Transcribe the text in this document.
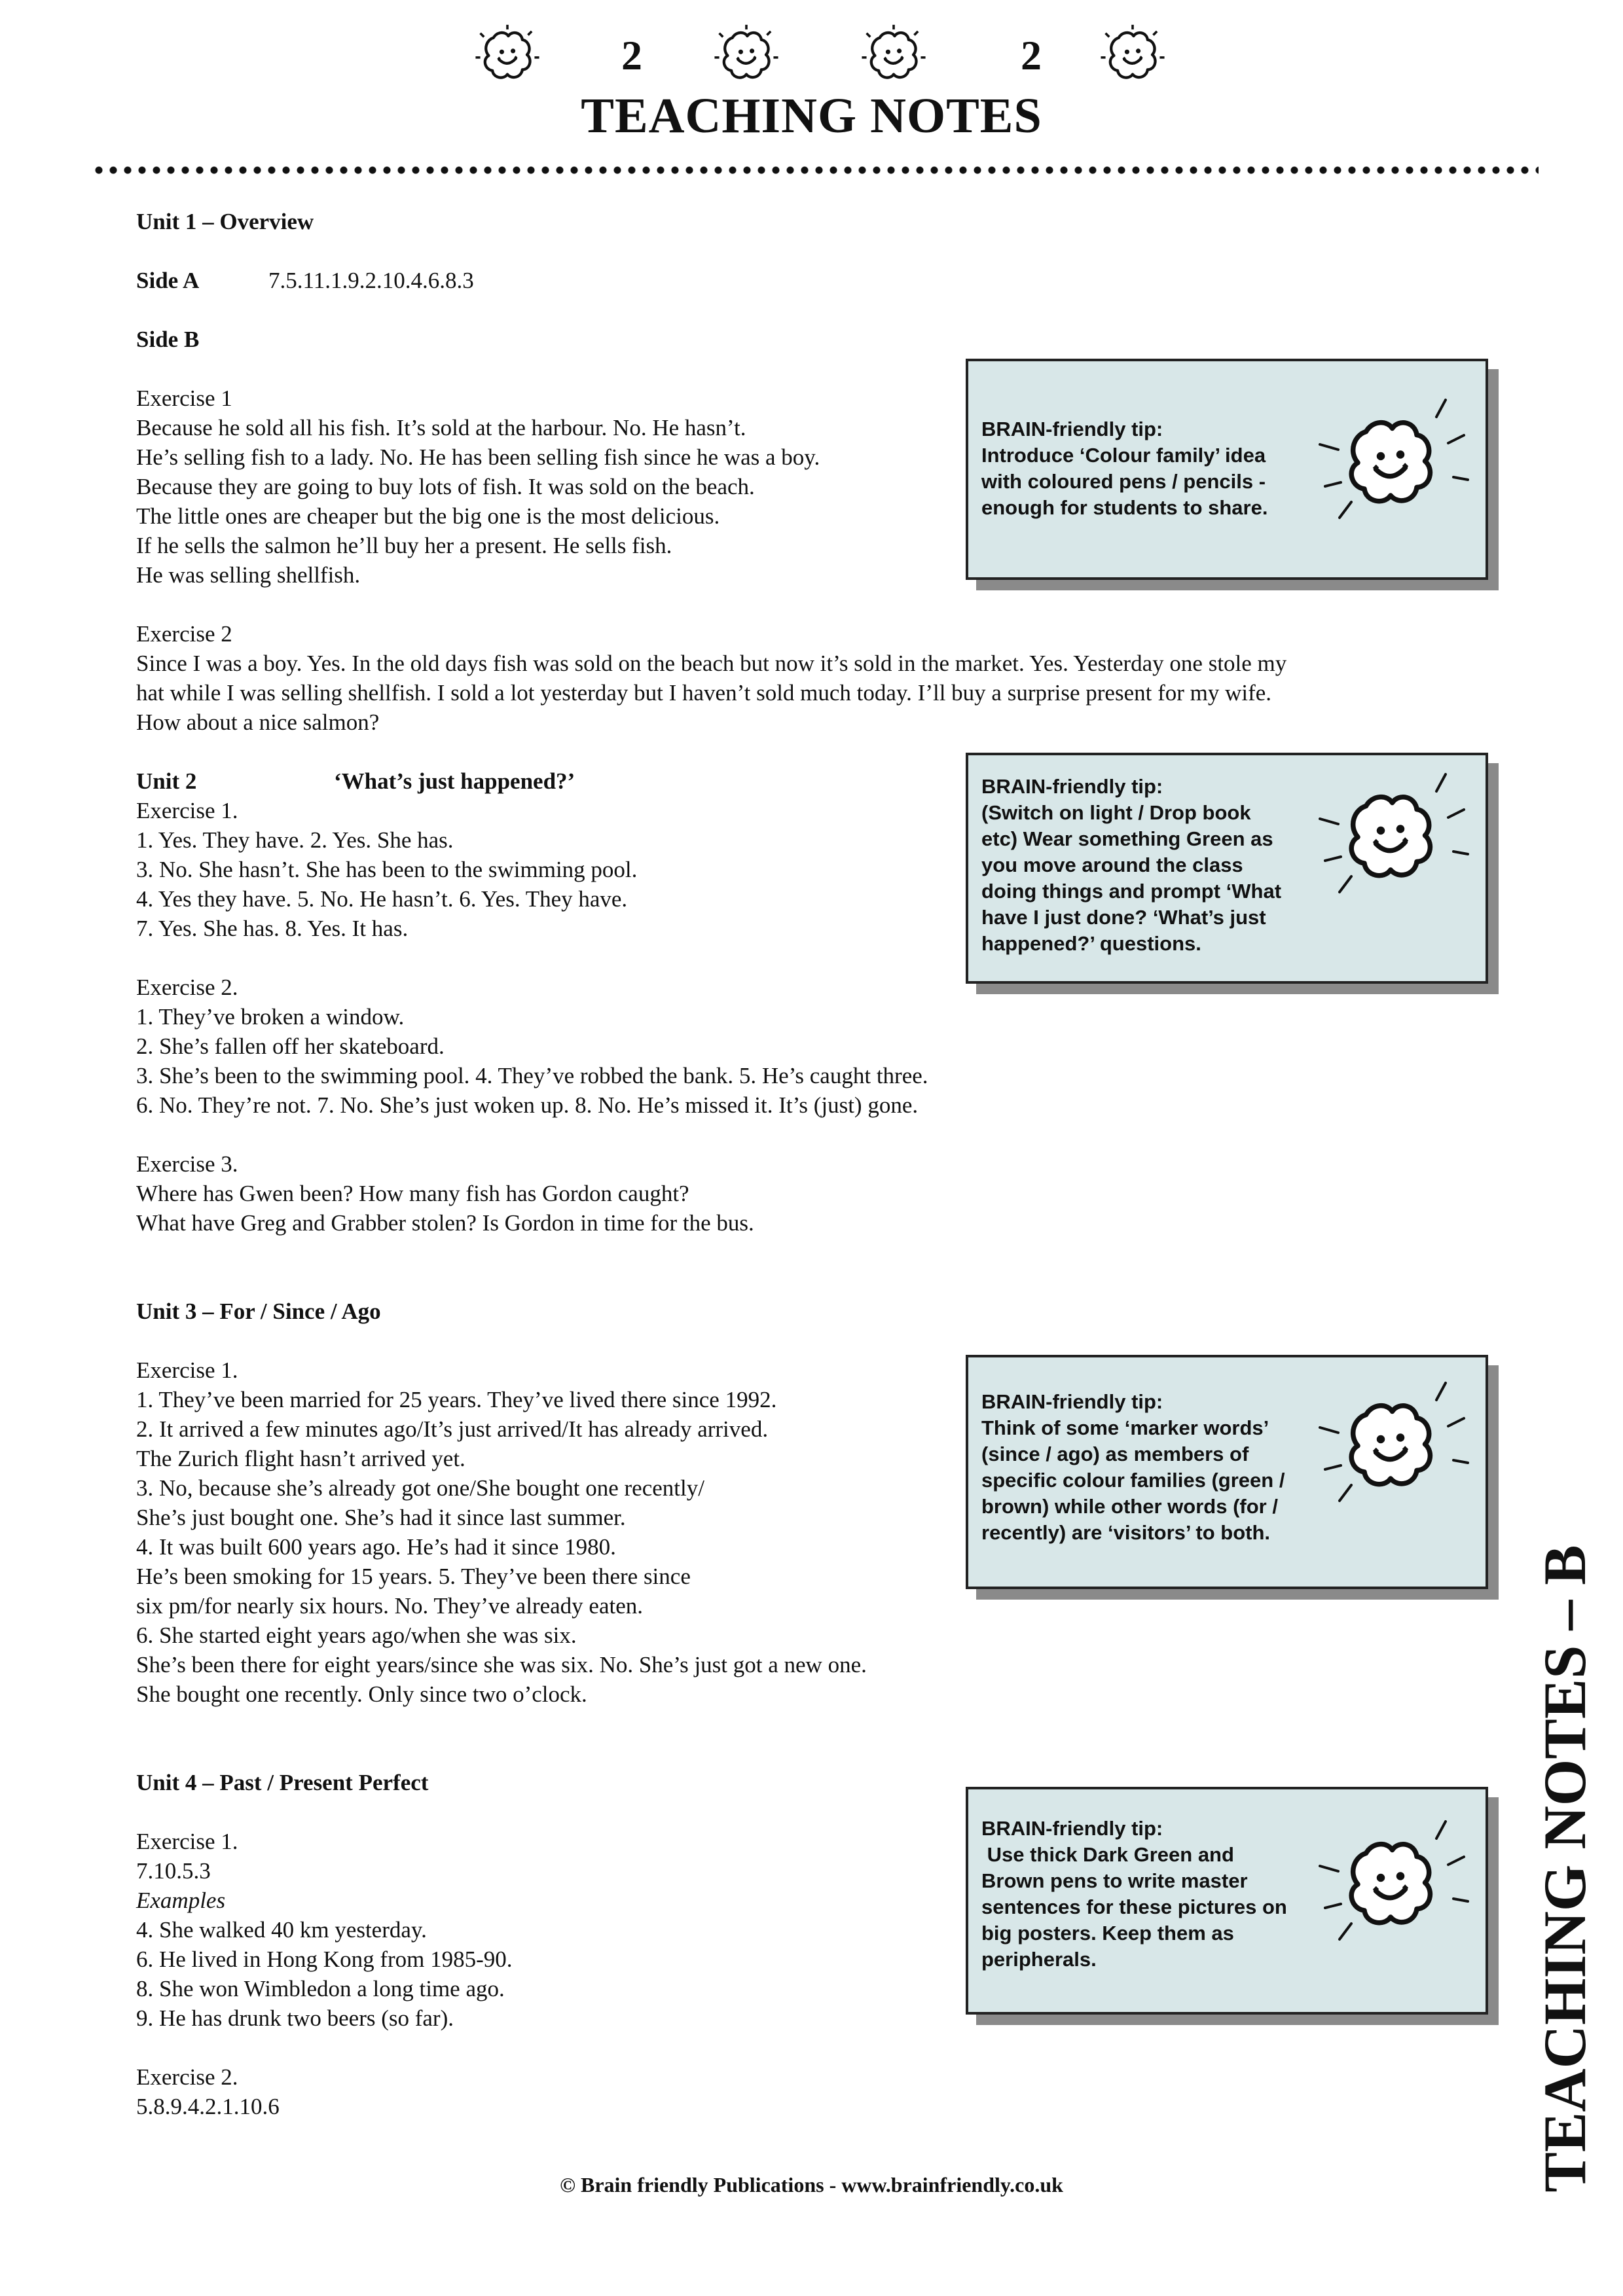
2	2
TEACHING NOTES
Unit 1 – Overview
Side A	7.5.11.1.9.2.10.4.6.8.3
Side B
Exercise 1
Because he sold all his fish. It’s sold at the harbour. No. He hasn’t.
He’s selling fish to a lady. No. He has been selling fish since he was a boy.
Because they are going to buy lots of fish. It was sold on the beach.
The little ones are cheaper but the big one is the most delicious.
If he sells the salmon he’ll buy her a present. He sells fish.
He was selling shellfish.
Exercise 2
Since I was a boy. Yes. In the old days fish was sold on the beach but now it’s sold in the market. Yes. Yesterday one stole my
hat while I was selling shellfish. I sold a lot yesterday but I haven’t sold much today. I’ll buy a surprise present for my wife.
How about a nice salmon?
Unit 2	‘What’s just happened?’
Exercise 1.
1. Yes. They have. 2. Yes. She has.
3. No. She hasn’t. She has been to the swimming pool.
4. Yes they have. 5. No. He hasn’t. 6. Yes. They have.
7. Yes. She has. 8. Yes. It has.
Exercise 2.
1. They’ve broken a window.
2. She’s fallen off her skateboard.
3. She’s been to the swimming pool. 4. They’ve robbed the bank. 5. He’s caught three.
6. No. They’re not. 7. No. She’s just woken up. 8. No. He’s missed it. It’s (just) gone.
Exercise 3.
Where has Gwen been? How many fish has Gordon caught?
What have Greg and Grabber stolen? Is Gordon in time for the bus.
Unit 3 – For / Since / Ago
Exercise 1.
1. They’ve been married for 25 years. They’ve lived there since 1992.
2. It arrived a few minutes ago/It’s just arrived/It has already arrived.
The Zurich flight hasn’t arrived yet.
3. No, because she’s already got one/She bought one recently/
She’s just bought one. She’s had it since last summer.
4. It was built 600 years ago. He’s had it since 1980.
He’s been smoking for 15 years. 5. They’ve been there since
six pm/for nearly six hours. No. They’ve already eaten.
6. She started eight years ago/when she was six.
She’s been there for eight years/since she was six. No. She’s just got a new one.
She bought one recently. Only since two o’clock.
Unit 4 – Past / Present Perfect
Exercise 1.
7.10.5.3
Examples
4. She walked 40 km yesterday.
6. He lived in Hong Kong from 1985-90.
8. She won Wimbledon a long time ago.
9. He has drunk two beers (so far).
Exercise 2.
5.8.9.4.2.1.10.6
BRAIN-friendly tip:
Introduce ‘Colour family’ idea
with coloured pens / pencils -
enough for students to share.
BRAIN-friendly tip:
(Switch on light / Drop book
etc) Wear something Green as
you move around the class
doing things and prompt ‘What
have I just done? ‘What’s just
happened?’ questions.
BRAIN-friendly tip:
Think of some ‘marker words’
(since / ago) as members of
specific colour families (green /
brown) while other words (for /
recently) are ‘visitors’ to both.
BRAIN-friendly tip:
Use thick Dark Green and
Brown pens to write master
sentences for these pictures on
big posters. Keep them as
peripherals.	TEACHING NOTES – B
© Brain friendly Publications - www.brainfriendly.co.uk
